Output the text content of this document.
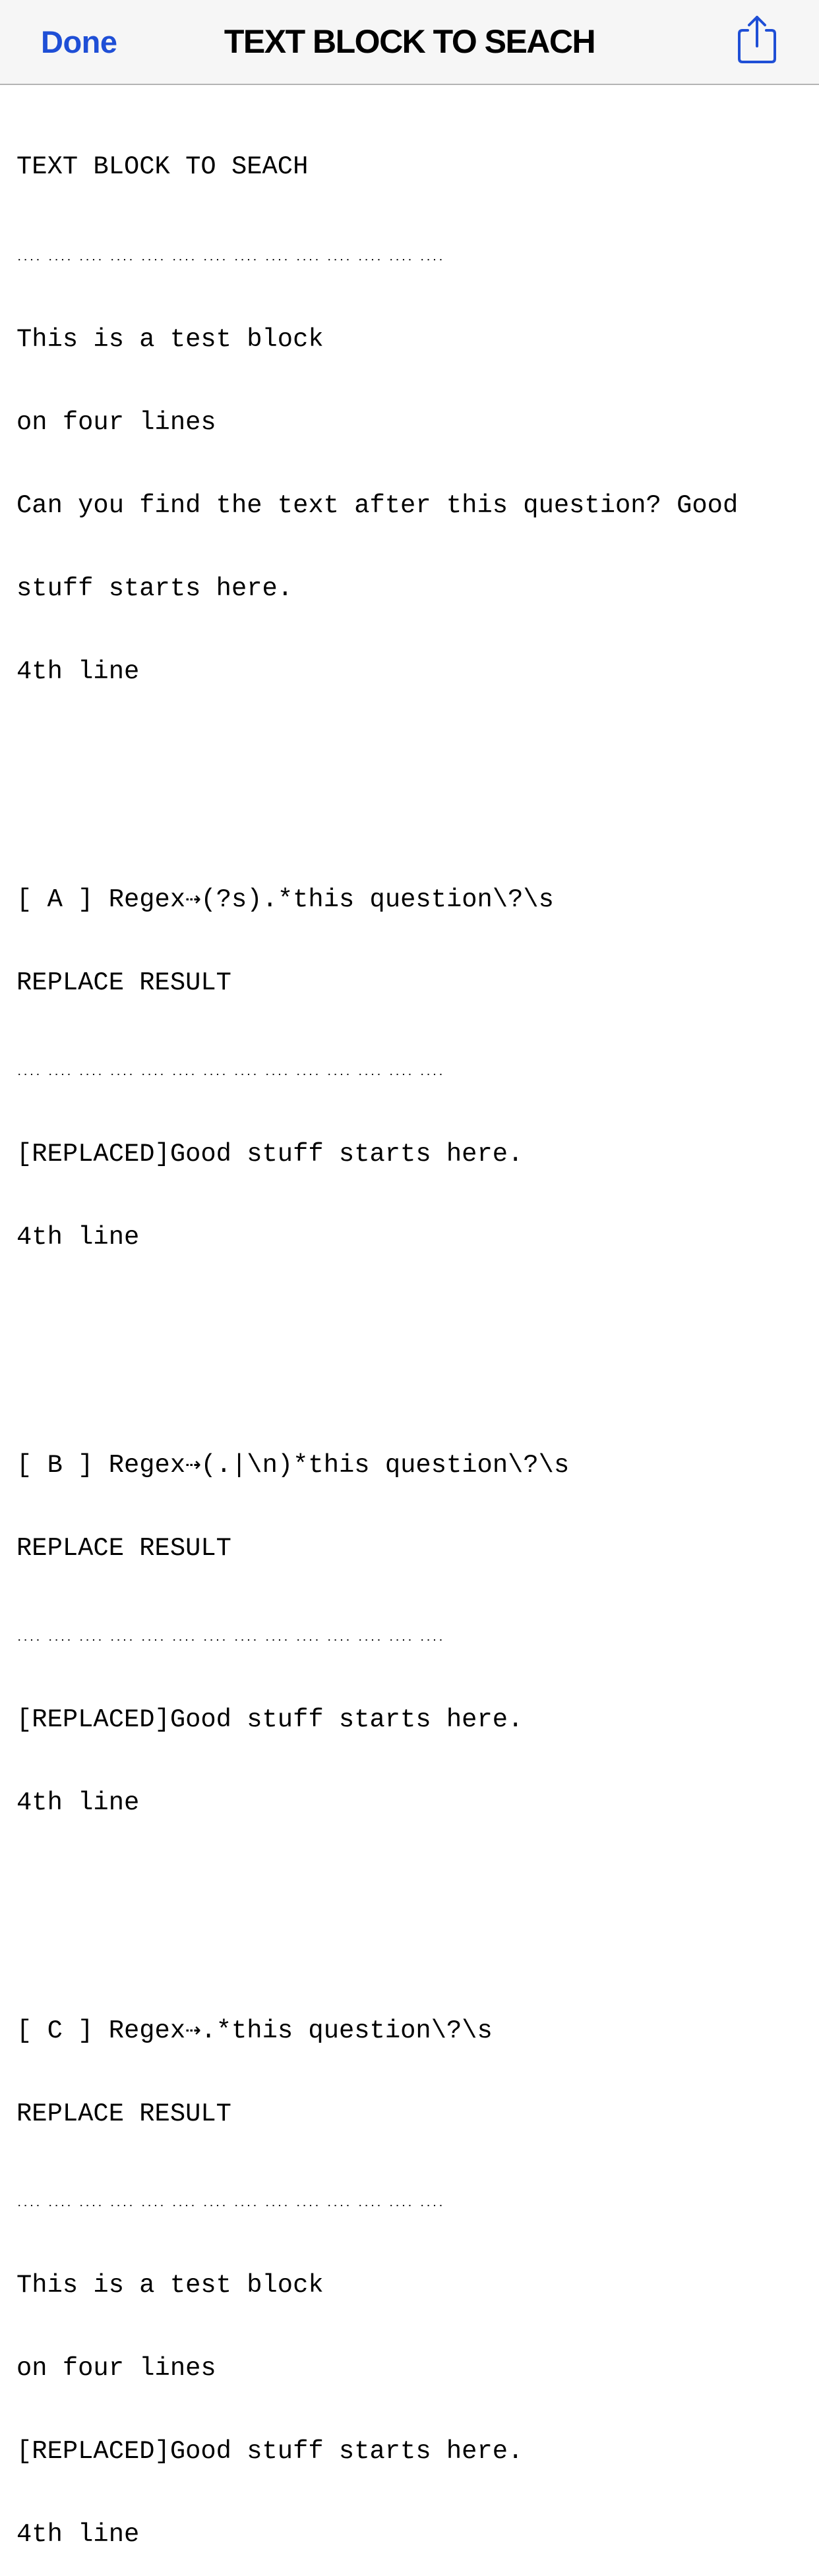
Done	TEXT BLOCK TO SEACH

TEXT BLOCK TO SEACH

.... .... .... .... .... .... .... .... .... .... .... .... .... ....

This is a test block

on four lines

Can you find the text after this question? Good

stuff starts here.

4th line

[ A ] Regex⇢(?s).*this question\?\s

REPLACE RESULT

.... .... .... .... .... .... .... .... .... .... .... .... .... ....

[REPLACED]Good stuff starts here.

4th line

[ B ] Regex⇢(.|\n)*this question\?\s

REPLACE RESULT

.... .... .... .... .... .... .... .... .... .... .... .... .... ....

[REPLACED]Good stuff starts here.

4th line

[ C ] Regex⇢.*this question\?\s

REPLACE RESULT

.... .... .... .... .... .... .... .... .... .... .... .... .... ....

This is a test block

on four lines

[REPLACED]Good stuff starts here.

4th line
